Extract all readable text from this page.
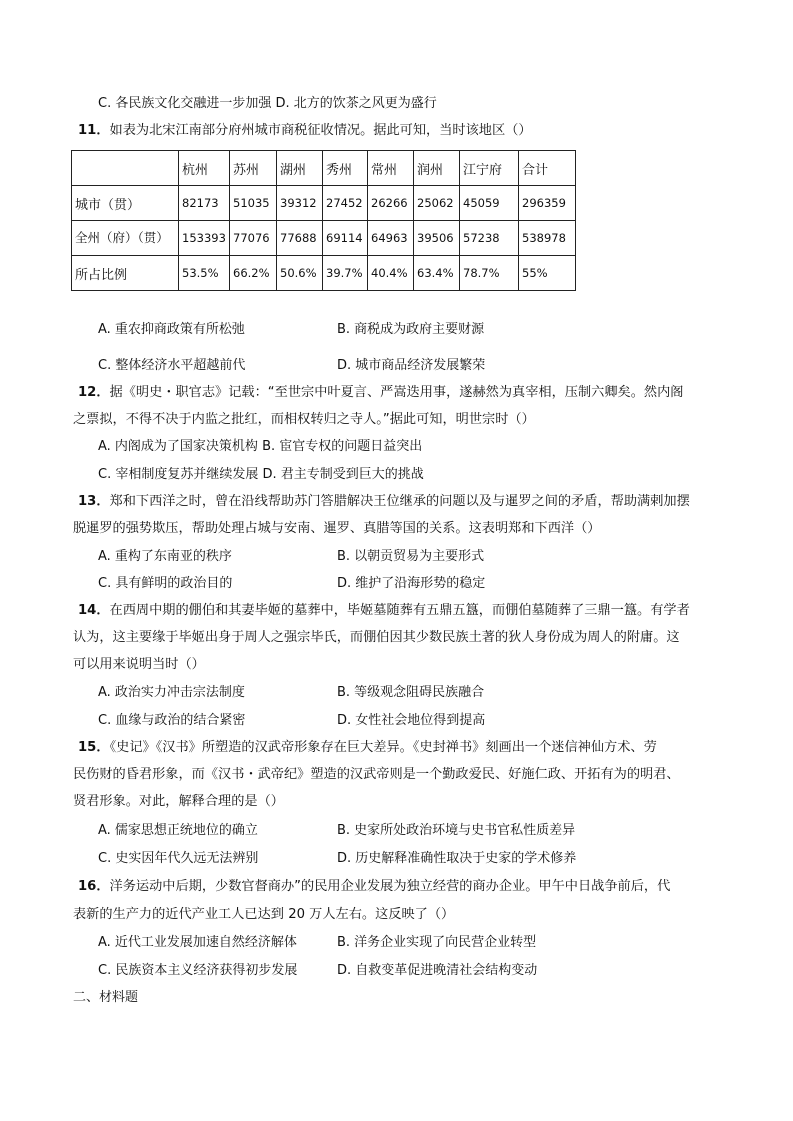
C. 各民族文化交融进一步加强 D. 北方的饮茶之风更为盛行
11．如表为北宋江南部分府州城市商税征收情况。据此可知，当时该地区（）
	杭州	苏州	湖州	秀州	常州	润州	江宁府	合计
城市（贯）	82173	51035	39312	27452	26266	25062	45059	296359
全州（府）（贯）	153393	77076	77688	69114	64963	39506	57238	538978
所占比例	53.5%	66.2%	50.6%	39.7%	40.4%	63.4%	78.7%	55%
A. 重农抑商政策有所松弛	B. 商税成为政府主要财源
C. 整体经济水平超越前代	D. 城市商品经济发展繁荣
12．据《明史・职官志》记载：“至世宗中叶夏言、严嵩迭用事，遂赫然为真宰相，压制六卿矣。然内阁
之票拟，不得不决于内监之批红，而相权转归之寺人。”据此可知，明世宗时（）
A. 内阁成为了国家决策机构 B. 宦官专权的问题日益突出
C. 宰相制度复苏并继续发展 D. 君主专制受到巨大的挑战
13．郑和下西洋之时，曾在沿线帮助苏门答腊解决王位继承的问题以及与暹罗之间的矛盾，帮助满剌加摆
脱暹罗的强势欺压，帮助处理占城与安南、暹罗、真腊等国的关系。这表明郑和下西洋（）
A. 重构了东南亚的秩序	B. 以朝贡贸易为主要形式
C. 具有鲜明的政治目的	D. 维护了沿海形势的稳定
14．在西周中期的倗伯和其妻毕姬的墓葬中，毕姬墓随葬有五鼎五簋，而倗伯墓随葬了三鼎一簋。有学者
认为，这主要缘于毕姬出身于周人之强宗毕氏，而倗伯因其少数民族土著的狄人身份成为周人的附庸。这
可以用来说明当时（）
A. 政治实力冲击宗法制度	B. 等级观念阻碍民族融合
C. 血缘与政治的结合紧密	D. 女性社会地位得到提高
15．《史记》《汉书》所塑造的汉武帝形象存在巨大差异。《史封禅书》刻画出一个迷信神仙方术、劳
民伤财的昏君形象，而《汉书・武帝纪》塑造的汉武帝则是一个勤政爱民、好施仁政、开拓有为的明君、
贤君形象。对此，解释合理的是（）
A. 儒家思想正统地位的确立	B. 史家所处政治环境与史书官私性质差异
C. 史实因年代久远无法辨别	D. 历史解释准确性取决于史家的学术修养
16．洋务运动中后期，少数官督商办”的民用企业发展为独立经营的商办企业。甲午中日战争前后，代
表新的生产力的近代产业工人已达到 20 万人左右。这反映了（）
A. 近代工业发展加速自然经济解体	B. 洋务企业实现了向民营企业转型
C. 民族资本主义经济获得初步发展	D. 自救变革促进晚清社会结构变动
二、材料题
